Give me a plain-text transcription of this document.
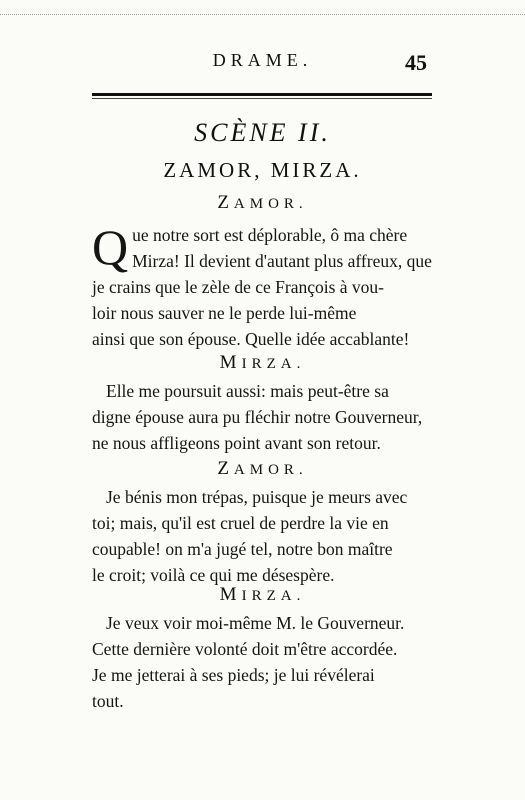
DRAME.	45
SCÈNE II.
ZAMOR, MIRZA.
ZAMOR.
Q ue notre sort est déplorable, ô ma chère
Mirza! Il devient d'autant plus affreux, que
je crains que le zèle de ce François à vou-
loir nous sauver ne le perde lui-même
ainsi que son épouse. Quelle idée accablante!
MIRZA.
Elle me poursuit aussi: mais peut-être sa
digne épouse aura pu fléchir notre Gouverneur,
ne nous affligeons point avant son retour.
ZAMOR.
Je bénis mon trépas, puisque je meurs avec
toi; mais, qu'il est cruel de perdre la vie en
coupable! on m'a jugé tel, notre bon maître
le croit; voilà ce qui me désespère.
MIRZA.
Je veux voir moi-même M. le Gouverneur.
Cette dernière volonté doit m'être accordée.
Je me jetterai à ses pieds; je lui révélerai
tout.
